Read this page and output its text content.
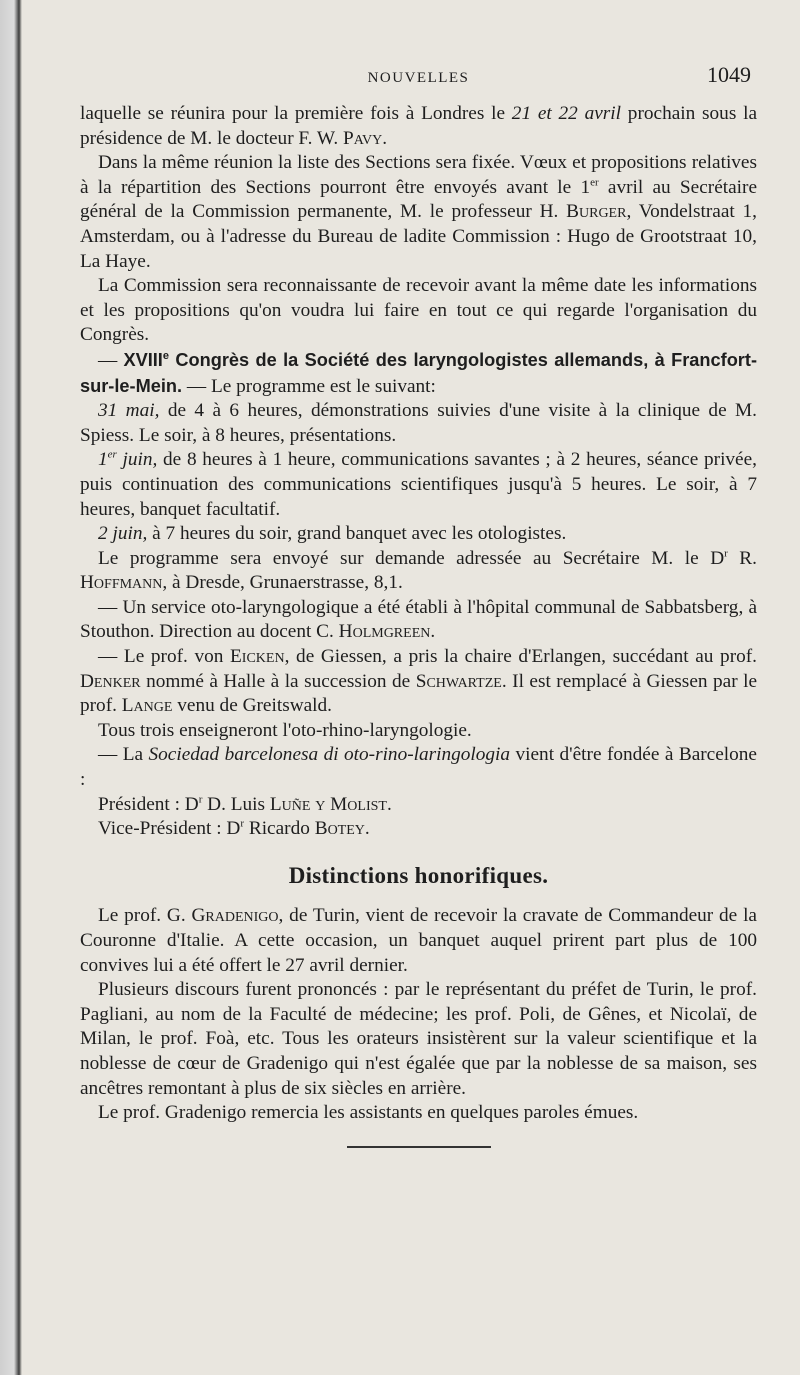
NOUVELLES	1049

laquelle se réunira pour la première fois à Londres le 21 et 22 avril prochain sous la présidence de M. le docteur F. W. Pavy.

Dans la même réunion la liste des Sections sera fixée. Vœux et propositions relatives à la répartition des Sections pourront être envoyés avant le 1er avril au Secrétaire général de la Commission permanente, M. le professeur H. Burger, Vondelstraat 1, Amsterdam, ou à l'adresse du Bureau de ladite Commission : Hugo de Grootstraat 10, La Haye.

La Commission sera reconnaissante de recevoir avant la même date les informations et les propositions qu'on voudra lui faire en tout ce qui regarde l'organisation du Congrès.

— XVIIIe Congrès de la Société des laryngologistes allemands, à Francfort-sur-le-Mein. — Le programme est le suivant:

31 mai, de 4 à 6 heures, démonstrations suivies d'une visite à la clinique de M. Spiess. Le soir, à 8 heures, présentations.

1er juin, de 8 heures à 1 heure, communications savantes ; à 2 heures, séance privée, puis continuation des communications scientifiques jusqu'à 5 heures. Le soir, à 7 heures, banquet facultatif.

2 juin, à 7 heures du soir, grand banquet avec les otologistes.

Le programme sera envoyé sur demande adressée au Secrétaire M. le $D^r$ R. Hoffmann, à Dresde, Grunaerstrasse, 8,1.

— Un service oto-laryngologique a été établi à l'hôpital communal de Sabbatsberg, à Stouthon. Direction au docent C. Holmgreen.

— Le prof. von Eicken, de Giessen, a pris la chaire d'Erlangen, succédant au prof. Denker nommé à Halle à la succession de Schwartze. Il est remplacé à Giessen par le prof. Lange venu de Greitswald.

Tous trois enseigneront l'oto-rhino-laryngologie.

— La Sociedad barcelonesa di oto-rino-laringologia vient d'être fondée à Barcelone :

Président : $D^r$ D. Luis Luñe y Molist.

Vice-Président : $D^r$ Ricardo Botey.

Distinctions honorifiques.

Le prof. G. Gradenigo, de Turin, vient de recevoir la cravate de Commandeur de la Couronne d'Italie. A cette occasion, un banquet auquel prirent part plus de 100 convives lui a été offert le 27 avril dernier.

Plusieurs discours furent prononcés : par le représentant du préfet de Turin, le prof. Pagliani, au nom de la Faculté de médecine; les prof. Poli, de Gênes, et Nicolaï, de Milan, le prof. Foà, etc. Tous les orateurs insistèrent sur la valeur scientifique et la noblesse de cœur de Gradenigo qui n'est égalée que par la noblesse de sa maison, ses ancêtres remontant à plus de six siècles en arrière.

Le prof. Gradenigo remercia les assistants en quelques paroles émues.
